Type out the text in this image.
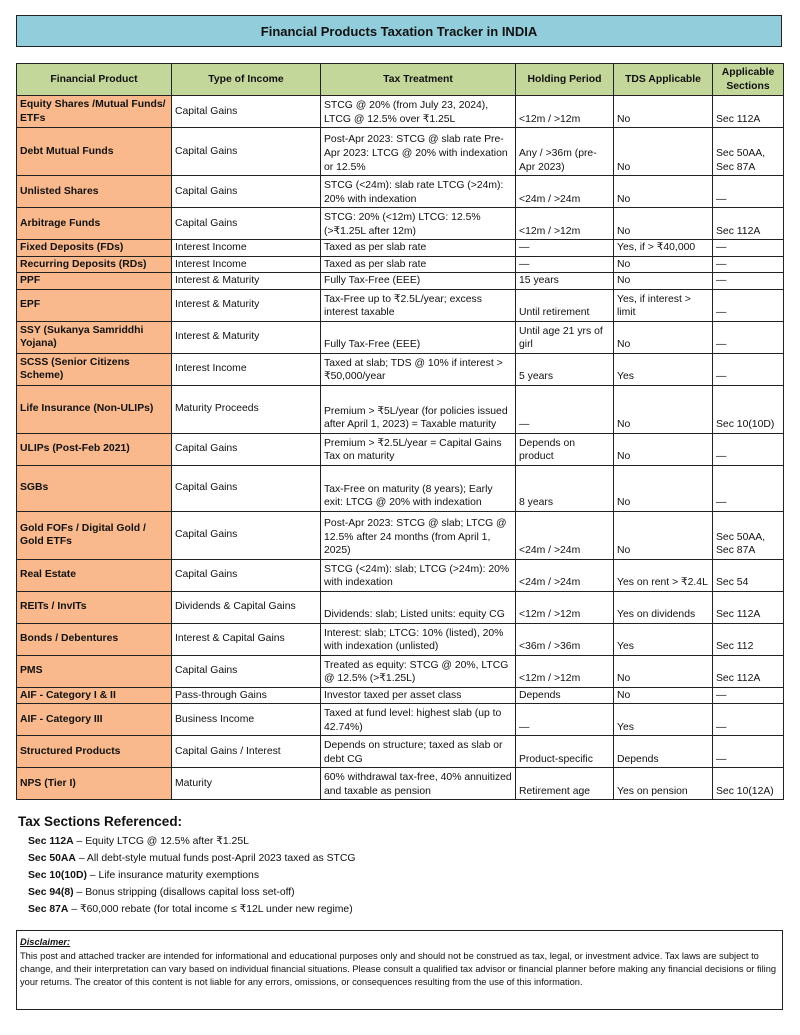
Financial Products Taxation Tracker in INDIA
Financial Product	Type of Income	Tax Treatment	Holding Period	TDS Applicable	Applicable Sections
Equity Shares /Mutual Funds/ ETFs	Capital Gains	STCG @ 20% (from July 23, 2024), LTCG @ 12.5% over ₹1.25L	<12m / >12m	No	Sec 112A
Debt Mutual Funds	Capital Gains	Post-Apr 2023: STCG @ slab rate Pre-Apr 2023: LTCG @ 20% with indexation or 12.5%	Any / >36m (pre-Apr 2023)	No	Sec 50AA, Sec 87A
Unlisted Shares	Capital Gains	STCG (<24m): slab rate LTCG (>24m): 20% with indexation	<24m / >24m	No	—
Arbitrage Funds	Capital Gains	STCG: 20% (<12m) LTCG: 12.5% (>₹1.25L after 12m)	<12m / >12m	No	Sec 112A
Fixed Deposits (FDs)	Interest Income	Taxed as per slab rate	—	Yes, if > ₹40,000	—
Recurring Deposits (RDs)	Interest Income	Taxed as per slab rate	—	No	—
PPF	Interest & Maturity	Fully Tax-Free (EEE)	15 years	No	—
EPF	Interest & Maturity	Tax-Free up to ₹2.5L/year; excess interest taxable	Until retirement	Yes, if interest > limit	—
SSY (Sukanya Samriddhi Yojana)	Interest & Maturity	Fully Tax-Free (EEE)	Until age 21 yrs of girl	No	—
SCSS (Senior Citizens Scheme)	Interest Income	Taxed at slab; TDS @ 10% if interest > ₹50,000/year	5 years	Yes	—
Life Insurance (Non-ULIPs)	Maturity Proceeds	Premium > ₹5L/year (for policies issued after April 1, 2023) = Taxable maturity	—	No	Sec 10(10D)
ULIPs (Post-Feb 2021)	Capital Gains	Premium > ₹2.5L/year = Capital Gains Tax on maturity	Depends on product	No	—
SGBs	Capital Gains	Tax-Free on maturity (8 years); Early exit: LTCG @ 20% with indexation	8 years	No	—
Gold FOFs / Digital Gold / Gold ETFs	Capital Gains	Post-Apr 2023: STCG @ slab; LTCG @ 12.5% after 24 months (from April 1, 2025)	<24m / >24m	No	Sec 50AA, Sec 87A
Real Estate	Capital Gains	STCG (<24m): slab; LTCG (>24m): 20% with indexation	<24m / >24m	Yes on rent > ₹2.4L	Sec 54
REITs / InvITs	Dividends & Capital Gains	Dividends: slab; Listed units: equity CG	<12m / >12m	Yes on dividends	Sec 112A
Bonds / Debentures	Interest & Capital Gains	Interest: slab; LTCG: 10% (listed), 20% with indexation (unlisted)	<36m / >36m	Yes	Sec 112
PMS	Capital Gains	Treated as equity: STCG @ 20%, LTCG @ 12.5% (>₹1.25L)	<12m / >12m	No	Sec 112A
AIF - Category I & II	Pass-through Gains	Investor taxed per asset class	Depends	No	—
AIF - Category III	Business Income	Taxed at fund level: highest slab (up to 42.74%)	—	Yes	—
Structured Products	Capital Gains / Interest	Depends on structure; taxed as slab or debt CG	Product-specific	Depends	—
NPS (Tier I)	Maturity	60% withdrawal tax-free, 40% annuitized and taxable as pension	Retirement age	Yes on pension	Sec 10(12A)
Tax Sections Referenced:
Sec 112A – Equity LTCG @ 12.5% after ₹1.25L
Sec 50AA – All debt-style mutual funds post-April 2023 taxed as STCG
Sec 10(10D) – Life insurance maturity exemptions
Sec 94(8) – Bonus stripping (disallows capital loss set-off)
Sec 87A – ₹60,000 rebate (for total income ≤ ₹12L under new regime)
Disclaimer:
This post and attached tracker are intended for informational and educational purposes only and should not be construed as tax, legal, or investment advice. Tax laws are subject to change, and their interpretation can vary based on individual financial situations. Please consult a qualified tax advisor or financial planner before making any financial decisions or filing your returns. The creator of this content is not liable for any errors, omissions, or consequences resulting from the use of this information.
